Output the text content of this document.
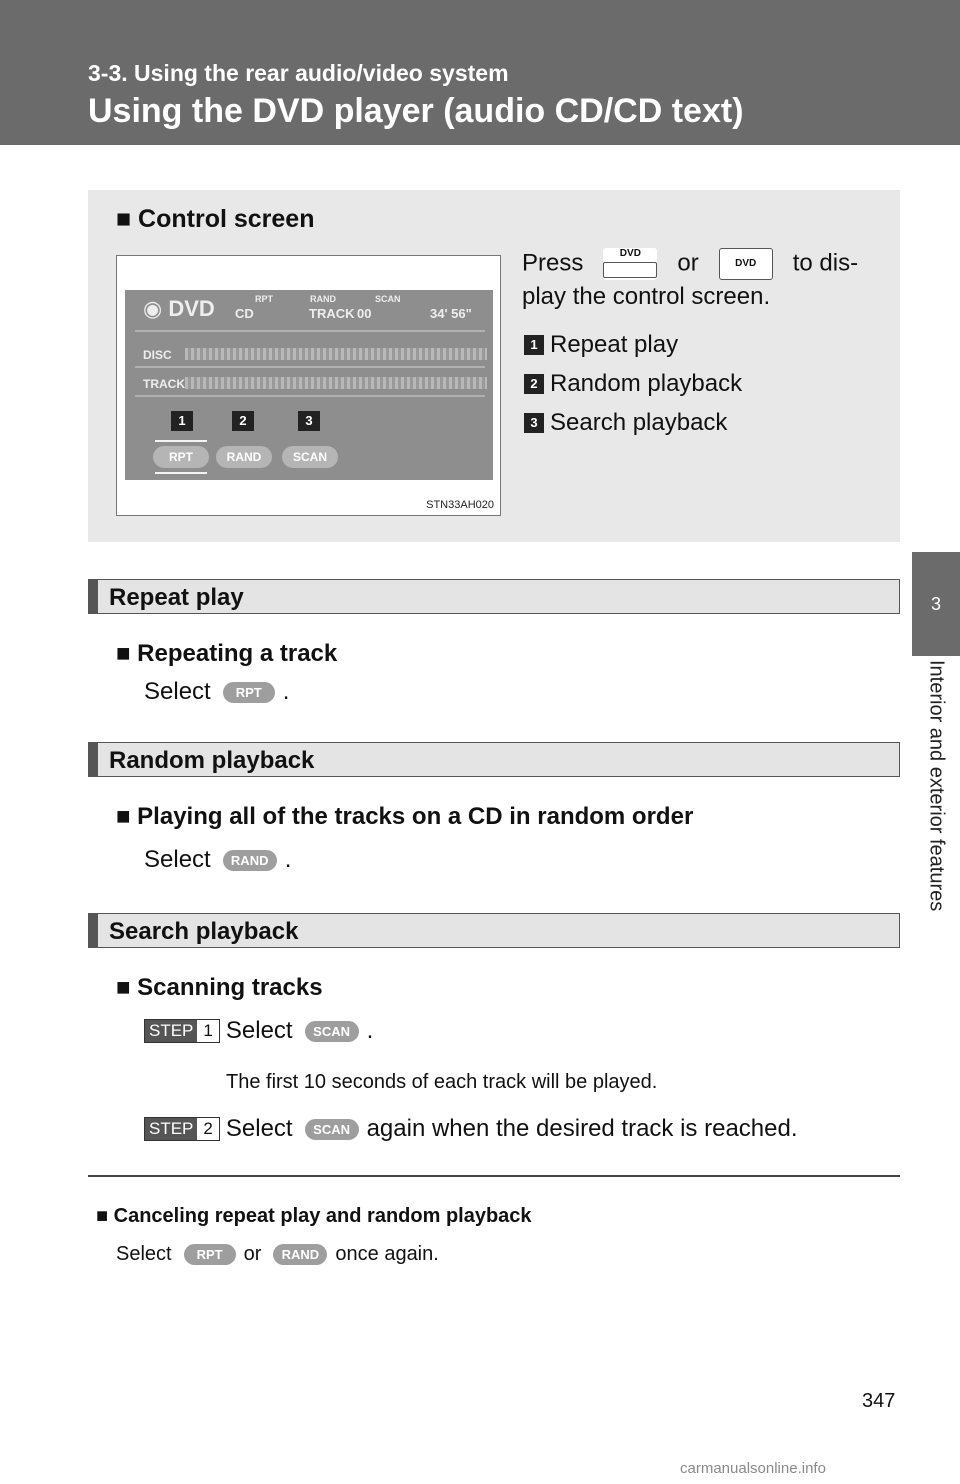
3-3. Using the rear audio/video system
Using the DVD player (audio CD/CD text)
3
Interior and exterior features
■ Control screen
◉ DVD	RPT	RAND	SCAN
CD	TRACK 00	34' 56"
DISC
TRACK
1	2	3
RPT	RAND	SCAN
STN33AH020
Press	DVD	or	DVD	to dis-
play the control screen.
1 Repeat play
2 Random playback
3 Search playback
Repeat play
■ Repeating a track
Select	RPT .
Random playback
■ Playing all of the tracks on a CD in random order
Select	RAND .
Search playback
■ Scanning tracks
STEP 1 Select	SCAN .
The first 10 seconds of each track will be played.
STEP 2 Select	SCAN again when the desired track is reached.
■ Canceling repeat play and random playback
Select	RPT	or	RAND once again.
347
carmanualsonline.info
